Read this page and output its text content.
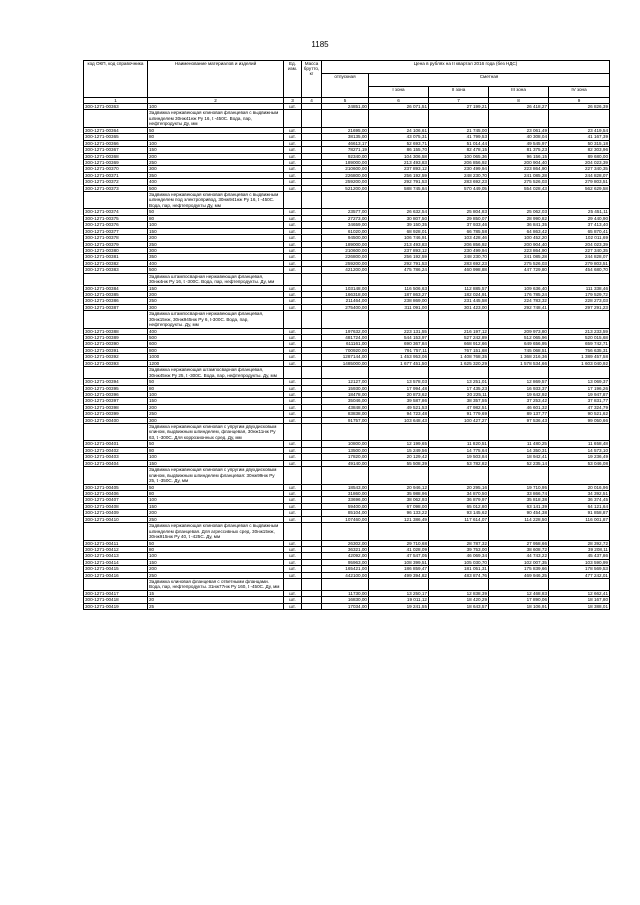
1185
код ОКП, код справочника	Наименование материалов и изделий	Ед. изм.	Масса брутто, кг	Цена в рублях на II квартал 2016 года (без НДС)				
				отпускная	Сметная			
					I зона	II зона	III зона	IV зона
1	2	3	4	5	6	7	8	9
300-1271-00363	100	шт.		24851,00	26 071,51	27 199,21	26 418,27	26 826,39
	Задвижка нержавеющая клиновая фланцевая с выдвижным шпинделем 30нж41нж Ру 16, t -450С. Вода, пар, нефтепродукты Ду, мм							
300-1271-00364	50	шт.		21695,00	24 106,61	21 745,00	23 061,49	23 419,54
300-1271-00365	80	шт.		38135,00	43 075,31	41 799,53	40 308,04	41 167,39
300-1271-00366	100	шт.		46613,17	52 693,71	51 014,44	49 545,97	50 315,18
300-1271-00367	150	шт.		78271,19	86 155,70	82 478,15	81 375,23	82 303,96
300-1271-00368	200	шт.		92340,00	104 306,58	100 065,36	96 156,15	89 680,00
300-1271-00369	250	шт.		189000,00	213 493,83	206 856,92	200 904,40	204 023,39
300-1271-00370	300	шт.		210600,00	237 893,12	230 499,94	223 864,90	227 340,35
300-1271-00371	350	шт.		226800,00	256 192,59	248 230,70	241 085,28	244 828,07
300-1271-00372	400	шт.		259200,00	292 791,53	283 692,23	275 526,03	279 803,51
300-1271-00373	500	шт.		521200,00	588 745,84	570 449,05	554 028,43	562 629,58
	Задвижка нержавеющая клиновая фланцевая с выдвижным шпинделем под электропривод, 30нж941нж Ру 16, t -450С. Вода, пар, нефтепродукты Ду, мм							
300-1271-00374	50	шт.		23577,00	26 632,54	25 804,83	25 062,03	25 451,11
300-1271-00375	80	шт.		27273,00	30 807,50	29 850,07	28 990,82	29 440,90
300-1271-00376	100	шт.		34659,00	39 150,35	37 933,46	36 841,35	37 413,40
300-1271-00377	150	шт.		61020,00	68 928,01	66 785,58	64 863,42	65 870,41
300-1271-00378	200	шт.		94500,00	106 746,91	103 428,46	100 452,20	102 011,69
300-1271-00379	250	шт.		189000,00	213 493,83	206 856,92	200 904,40	204 023,39
300-1271-00380	300	шт.		210600,00	237 893,12	230 499,94	223 864,90	227 340,35
300-1271-00381	350	шт.		226800,00	256 192,59	248 230,70	241 085,28	244 828,07
300-1271-00382	400	шт.		259200,00	292 791,53	283 692,23	275 526,03	279 803,51
300-1271-00383	500	шт.		421200,00	475 786,24	460 998,88	447 729,80	454 680,70
	Задвижка штампосварная нержавеющая фланцевая, 30нж4нж Ру 16, t -300С. Вода, пар, нефтепродукты. Ду, мм							
300-1271-00384	150	шт.		103148,00	116 506,63	112 885,57	109 636,40	111 338,46
300-1271-00385	200	шт.		166318,00	187 863,27	182 024,91	176 785,24	179 529,72
300-1271-00386	250	шт.		211464,00	238 869,00	231 445,58	224 783,32	228 273,03
300-1271-00387	300	шт.		275400,00	311 091,00	301 423,00	292 748,41	297 291,23
	Задвижка штампосварная нержавеющая фланцевая, 30нж15нж, 30нж945нж Ру 6, t-300С. Вода, пар, нефтепродукты. Ду, мм							
300-1271-00388	400	шт.		197632,00	223 131,55	216 197,12	209 973,80	213 233,59
300-1271-00389	500	шт.		481724,00	544 153,97	527 242,89	512 065,96	520 015,68
300-1271-00390	600	шт.		611161,00	690 367,84	668 912,66	649 656,95	659 742,71
300-1271-00391	800	шт.		700920,00	791 757,11	767 151,68	745 068,51	756 635,31
300-1271-00392	1000	шт.		1287144,00	1 453 953,06	1 408 768,35	1 368 216,36	1 389 457,58
300-1271-00393	1200	шт.		1485000,00	1 677 451,50	1 625 320,29	1 578 534,66	1 603 040,92
	Задвижка нержавеющая штампосварная фланцевая, 30нж45нж Ру 25, t -300С. Вода, пар, нефтепродукты. Ду, мм							
300-1271-00394	50	шт.		12127,00	13 578,03	13 251,01	12 869,57	13 069,37
300-1271-00395	80	шт.		15930,00	17 994,48	17 435,23	16 933,37	17 196,26
300-1271-00396	100	шт.		18478,00	20 873,62	20 225,11	19 642,92	19 947,87
300-1271-00397	150	шт.		35046,00	39 587,86	38 357,55	37 253,42	37 831,77
300-1271-00398	200	шт.		43848,00	49 521,53	47 982,51	46 601,32	47 324,79
300-1271-00399	250	шт.		83838,00	94 723,48	91 779,69	89 137,77	90 521,62
300-1271-00400	300	шт.		91757,00	103 648,43	100 427,27	97 536,43	99 050,66
	Задвижка нержавеющая клиновая с упругим двухдисковым клином, выдвижным шпинделем, фланцевая, 30нж11нж Ру 63, t -300С. Для коррозионных сред. Ду, мм							
300-1271-00401	50	шт.		10800,00	12 199,65	11 820,51	11 480,25	11 658,48
300-1271-00402	80	шт.		13500,00	15 249,56	14 775,64	14 350,31	14 573,10
300-1271-00403	100	шт.		17820,00	20 129,42	19 503,84	18 942,41	19 236,49
300-1271-00404	150	шт.		49140,00	55 508,39	53 782,82	52 235,14	53 046,08
	Задвижка нержавеющая клиновая с упругим двухдисковым клином, выдвижным шпинделем фланцевая: 30нж99нж Ру 25, t -350С. Ду, мм							
300-1271-00405	50	шт.		18543,00	20 946,12	20 295,16	19 710,95	20 016,96
300-1271-00406	80	шт.		31860,00	35 988,96	34 870,50	33 866,74	34 392,51
300-1271-00407	100	шт.		33696,00	38 062,93	36 879,97	35 818,38	36 374,45
300-1271-00408	150	шт.		59400,00	67 098,00	65 012,80	63 141,39	64 121,64
300-1271-00409	200	шт.		85104,00	96 133,22	93 145,62	90 454,38	91 858,87
300-1271-00410	250	шт.		107460,00	121 386,49	117 614,07	114 228,50	116 001,87
	Задвижка нержавеющая клиновая фланцевая с выдвижным шпинделем фланцевая. Для агрессивных сред. 30нж15нж, 30нж915нж Ру 40, t -425С. Ду, мм							
300-1271-00411	50	шт.		26302,00	29 710,68	28 787,32	27 958,66	28 392,72
300-1271-00412	80	шт.		36321,00	41 028,09	39 753,00	38 608,72	39 208,11
300-1271-00413	100	шт.		42092,00	47 547,05	46 069,34	44 743,22	45 437,86
300-1271-00414	150	шт.		95963,00	108 399,51	105 030,70	102 007,35	103 590,99
300-1271-00415	200	шт.		165421,00	186 859,47	181 051,31	175 839,66	178 569,53
300-1271-00416	250	шт.		442100,00	499 394,82	483 874,76	469 946,25	477 242,01
	Задвижка клиновая фланцевая с ответными фланцами. Вода, пар, нефтепродукты. 31нж77нж Ру 160, t -450С. Ду, мм							
300-1271-00417	15	шт.		11730,00	13 250,17	12 838,39	12 468,83	12 662,41
300-1271-00418	20	шт.		16830,00	19 011,12	18 420,29	17 890,06	18 167,80
300-1271-00419	25	шт.		17034,00	19 241,55	18 643,57	18 106,91	18 388,01
